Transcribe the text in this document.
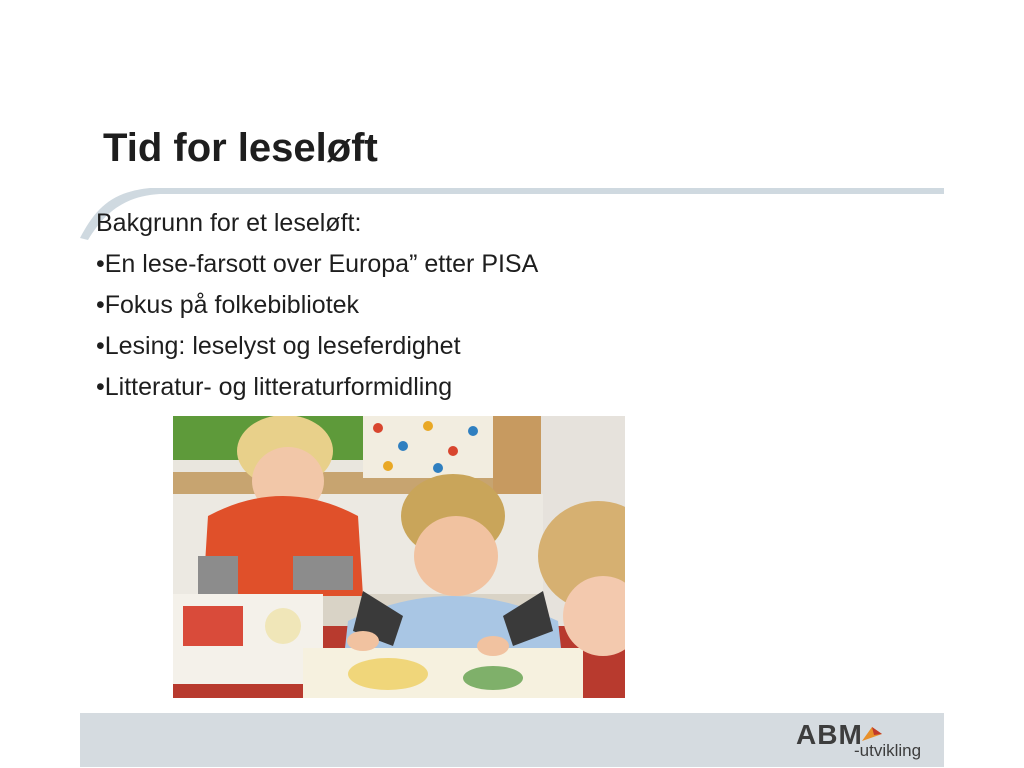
Tid for leseløft
Bakgrunn for et leseløft:
•En lese-farsott over Europa” etter PISA
•Fokus på folkebibliotek
•Lesing: leselyst og leseferdighet
•Litteratur- og litteraturformidling
ABM
-utvikling
